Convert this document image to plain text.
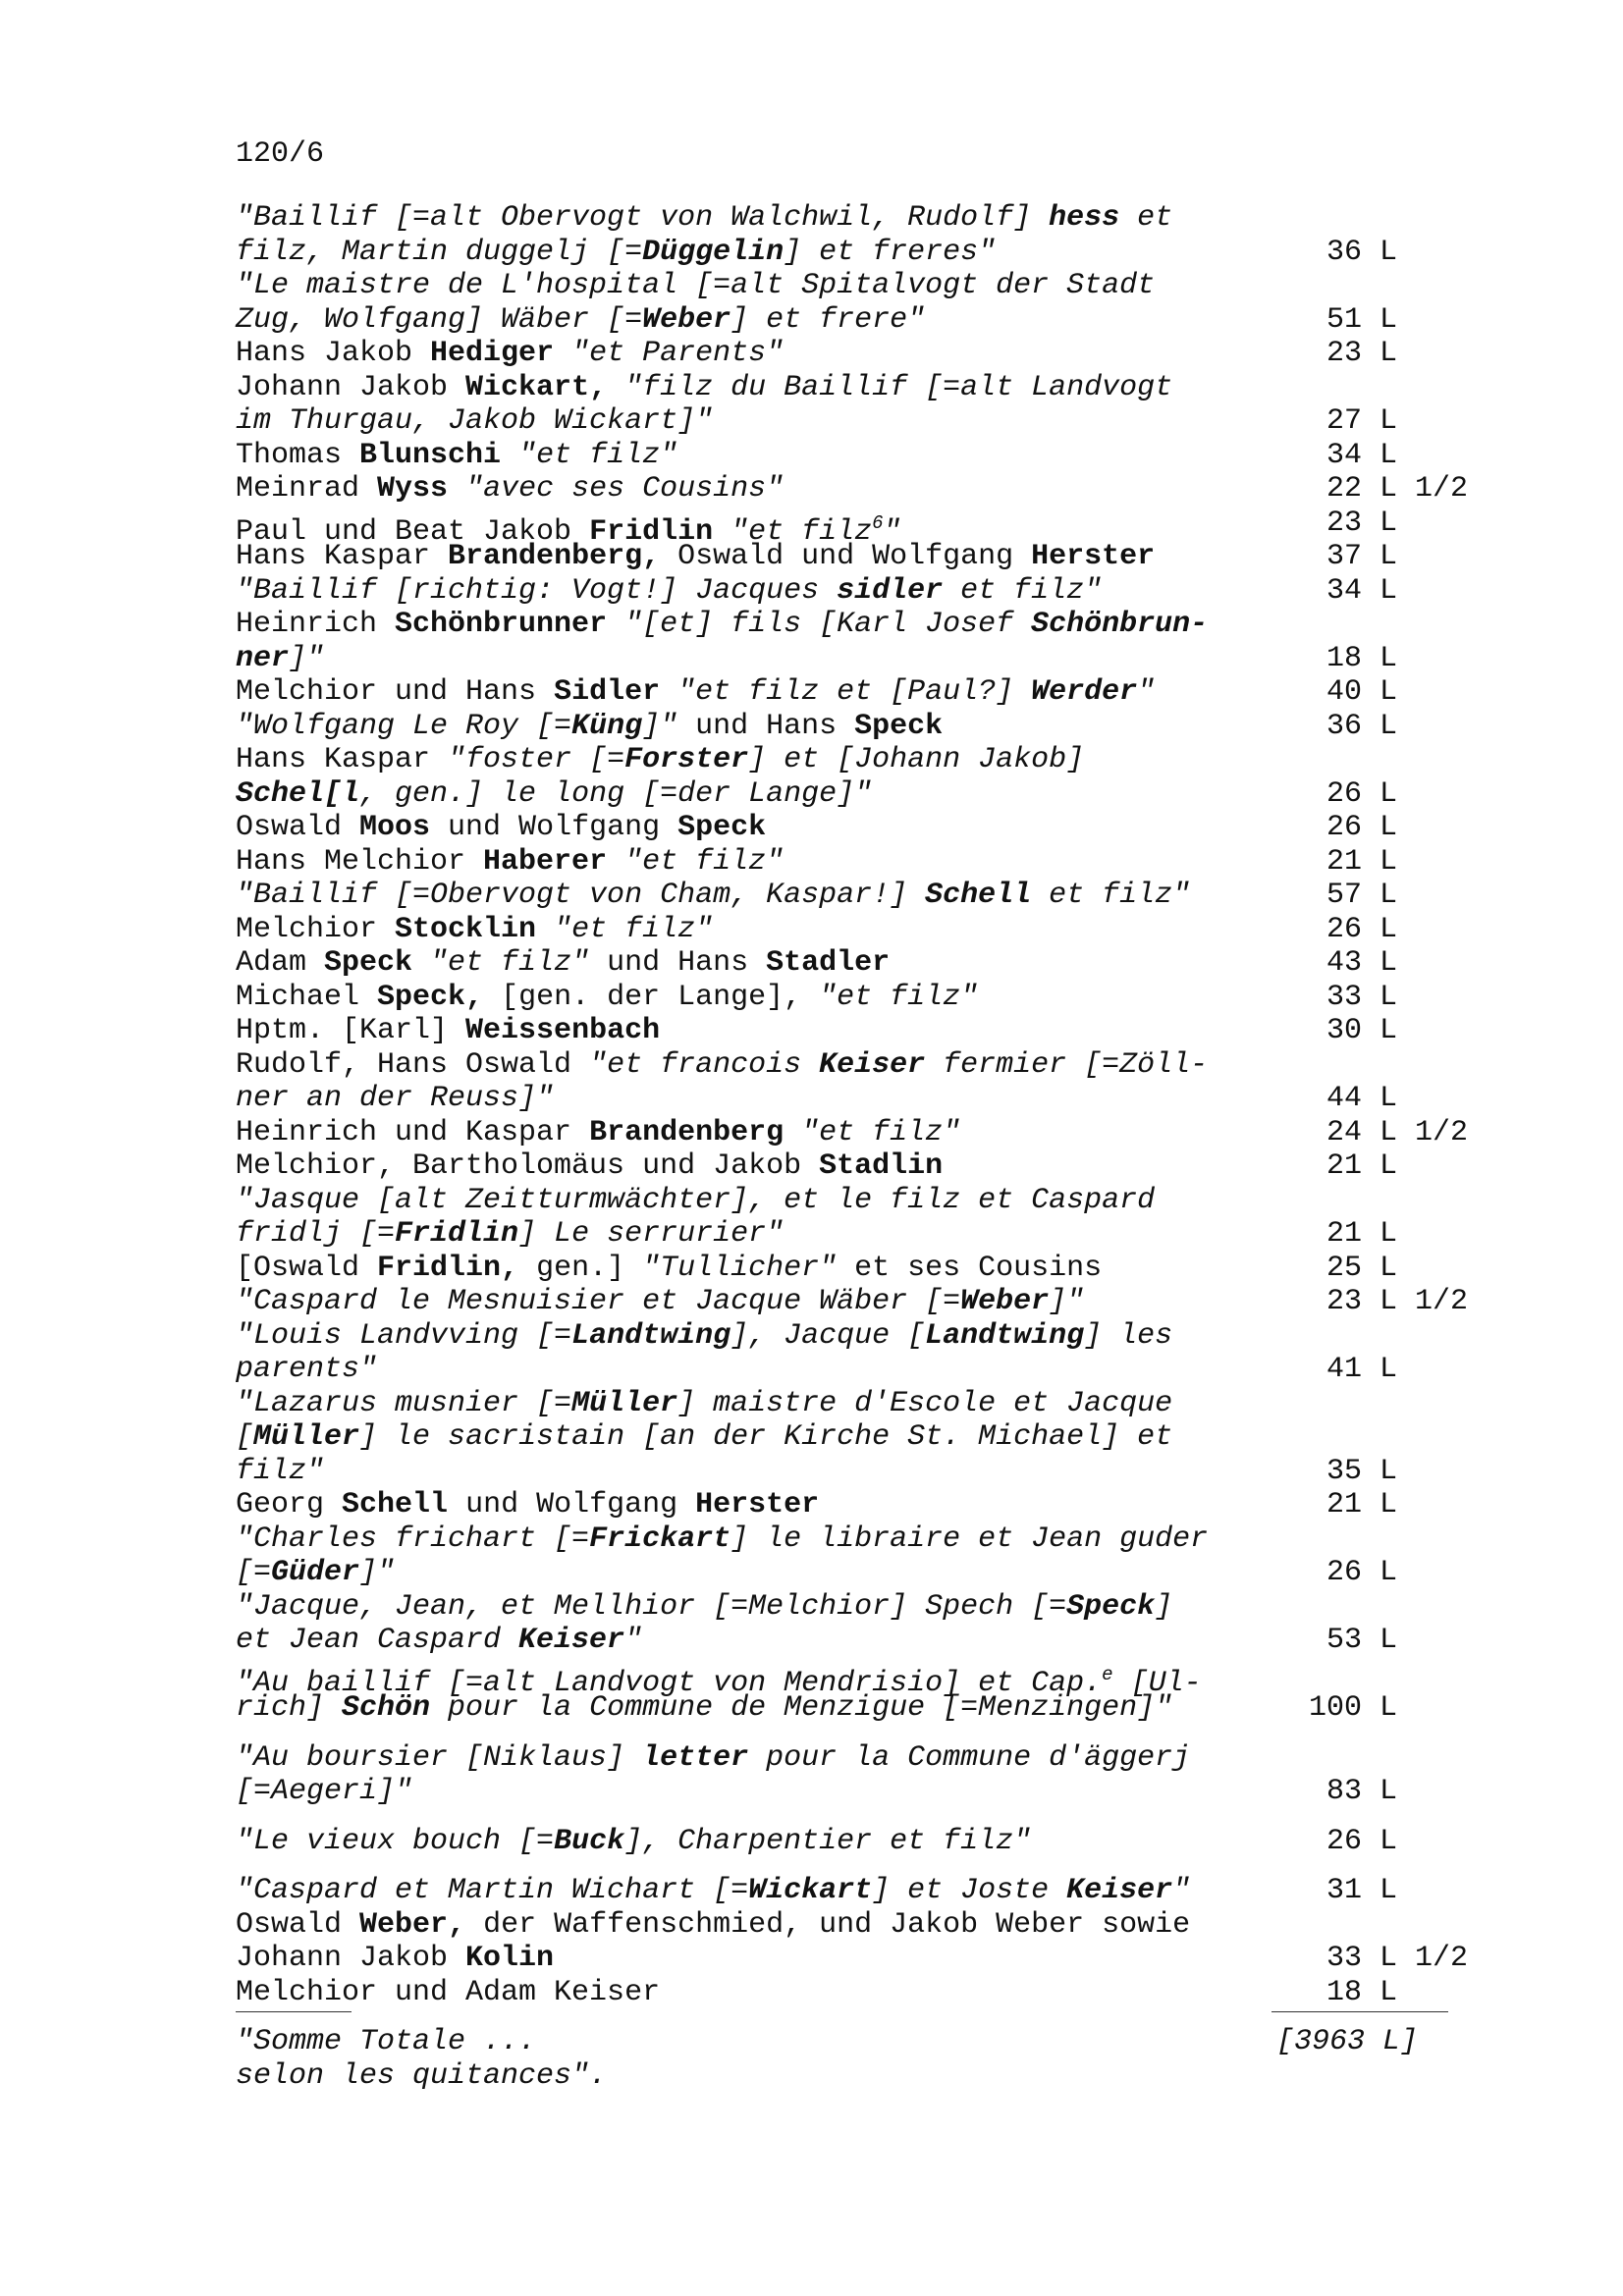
120/6
"Baillif [=alt Obervogt von Walchwil, Rudolf] hess et
filz, Martin duggelj [=Düggelin] et freres"	36 L
"Le maistre de L'hospital [=alt Spitalvogt der Stadt
Zug, Wolfgang] Wäber [=Weber] et frere"	51 L
Hans Jakob Hediger "et Parents"	23 L
Johann Jakob Wickart, "filz du Baillif [=alt Landvogt
im Thurgau, Jakob Wickart]"	27 L
Thomas Blunschi "et filz"	34 L
Meinrad Wyss "avec ses Cousins"	22 L 1/2
Paul und Beat Jakob Fridlin "et filz$^6$"	23 L
Hans Kaspar Brandenberg, Oswald und Wolfgang Herster	37 L
"Baillif [richtig: Vogt!] Jacques sidler et filz"	34 L
Heinrich Schönbrunner "[et] fils [Karl Josef Schönbrun-
ner]"	18 L
Melchior und Hans Sidler "et filz et [Paul?] Werder"	40 L
"Wolfgang Le Roy [=Küng]" und Hans Speck	36 L
Hans Kaspar "foster [=Forster] et [Johann Jakob]
Schel[l, gen.] le long [=der Lange]"	26 L
Oswald Moos und Wolfgang Speck	26 L
Hans Melchior Haberer "et filz"	21 L
"Baillif [=Obervogt von Cham, Kaspar!] Schell et filz"	57 L
Melchior Stocklin "et filz"	26 L
Adam Speck "et filz" und Hans Stadler	43 L
Michael Speck, [gen. der Lange], "et filz"	33 L
Hptm. [Karl] Weissenbach	30 L
Rudolf, Hans Oswald "et francois Keiser fermier [=Zöll-
ner an der Reuss]"	44 L
Heinrich und Kaspar Brandenberg "et filz"	24 L 1/2
Melchior, Bartholomäus und Jakob Stadlin	21 L
"Jasque [alt Zeitturmwächter], et le filz et Caspard
fridlj [=Fridlin] Le serrurier"	21 L
[Oswald Fridlin, gen.] "Tullicher" et ses Cousins	25 L
"Caspard le Mesnuisier et Jacque Wäber [=Weber]"	23 L 1/2
"Louis Landvving [=Landtwing], Jacque [Landtwing] les
parents"	41 L
"Lazarus musnier [=Müller] maistre d'Escole et Jacque
[Müller] le sacristain [an der Kirche St. Michael] et
filz"	35 L
Georg Schell und Wolfgang Herster	21 L
"Charles frichart [=Frickart] le libraire et Jean guder
[=Güder]"	26 L
"Jacque, Jean, et Mellhior [=Melchior] Spech [=Speck]
et Jean Caspard Keiser"	53 L
"Au baillif [=alt Landvogt von Mendrisio] et Cap.$^e$ [Ul-
rich] Schön pour la Commune de Menzigue [=Menzingen]"	100 L
"Au boursier [Niklaus] letter pour la Commune d'äggerj
[=Aegeri]"	83 L
"Le vieux bouch [=Buck], Charpentier et filz"	26 L
"Caspard et Martin Wichart [=Wickart] et Joste Keiser"	31 L
Oswald Weber, der Waffenschmied, und Jakob Weber sowie
Johann Jakob Kolin	33 L 1/2
Melchior und Adam Keiser	18 L
"Somme Totale ...	[3963 L]
selon les quitances".
